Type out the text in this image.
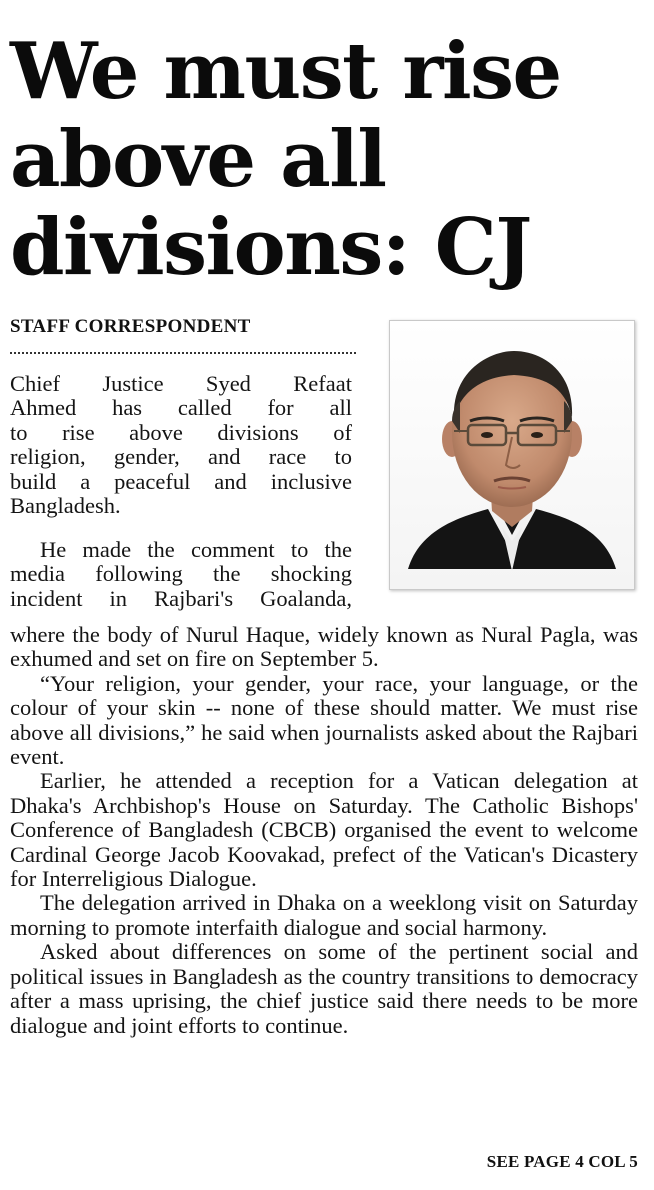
We must rise
above all
divisions: CJ
STAFF CORRESPONDENT
Chief Justice Syed Refaat
Ahmed has called for all
to rise above divisions of
religion, gender, and race to
build a peaceful and inclusive
Bangladesh.
He made the comment to the
media following the shocking
incident in Rajbari's Goalanda,

where the body of Nurul Haque, widely known as Nural Pagla, was exhumed and set on fire on September 5.

“Your religion, your gender, your race, your language, or the colour of your skin -- none of these should matter. We must rise above all divisions,” he said when journalists asked about the Rajbari event.

Earlier, he attended a reception for a Vatican delegation at Dhaka's Archbishop's House on Saturday. The Catholic Bishops' Conference of Bangladesh (CBCB) organised the event to welcome Cardinal George Jacob Koovakad, prefect of the Vatican's Dicastery for Interreligious Dialogue.

The delegation arrived in Dhaka on a weeklong visit on Saturday morning to promote interfaith dialogue and social harmony.

Asked about differences on some of the pertinent social and political issues in Bangladesh as the country transitions to democracy after a mass uprising, the chief justice said there needs to be more dialogue and joint efforts to continue.

SEE PAGE 4 COL 5
